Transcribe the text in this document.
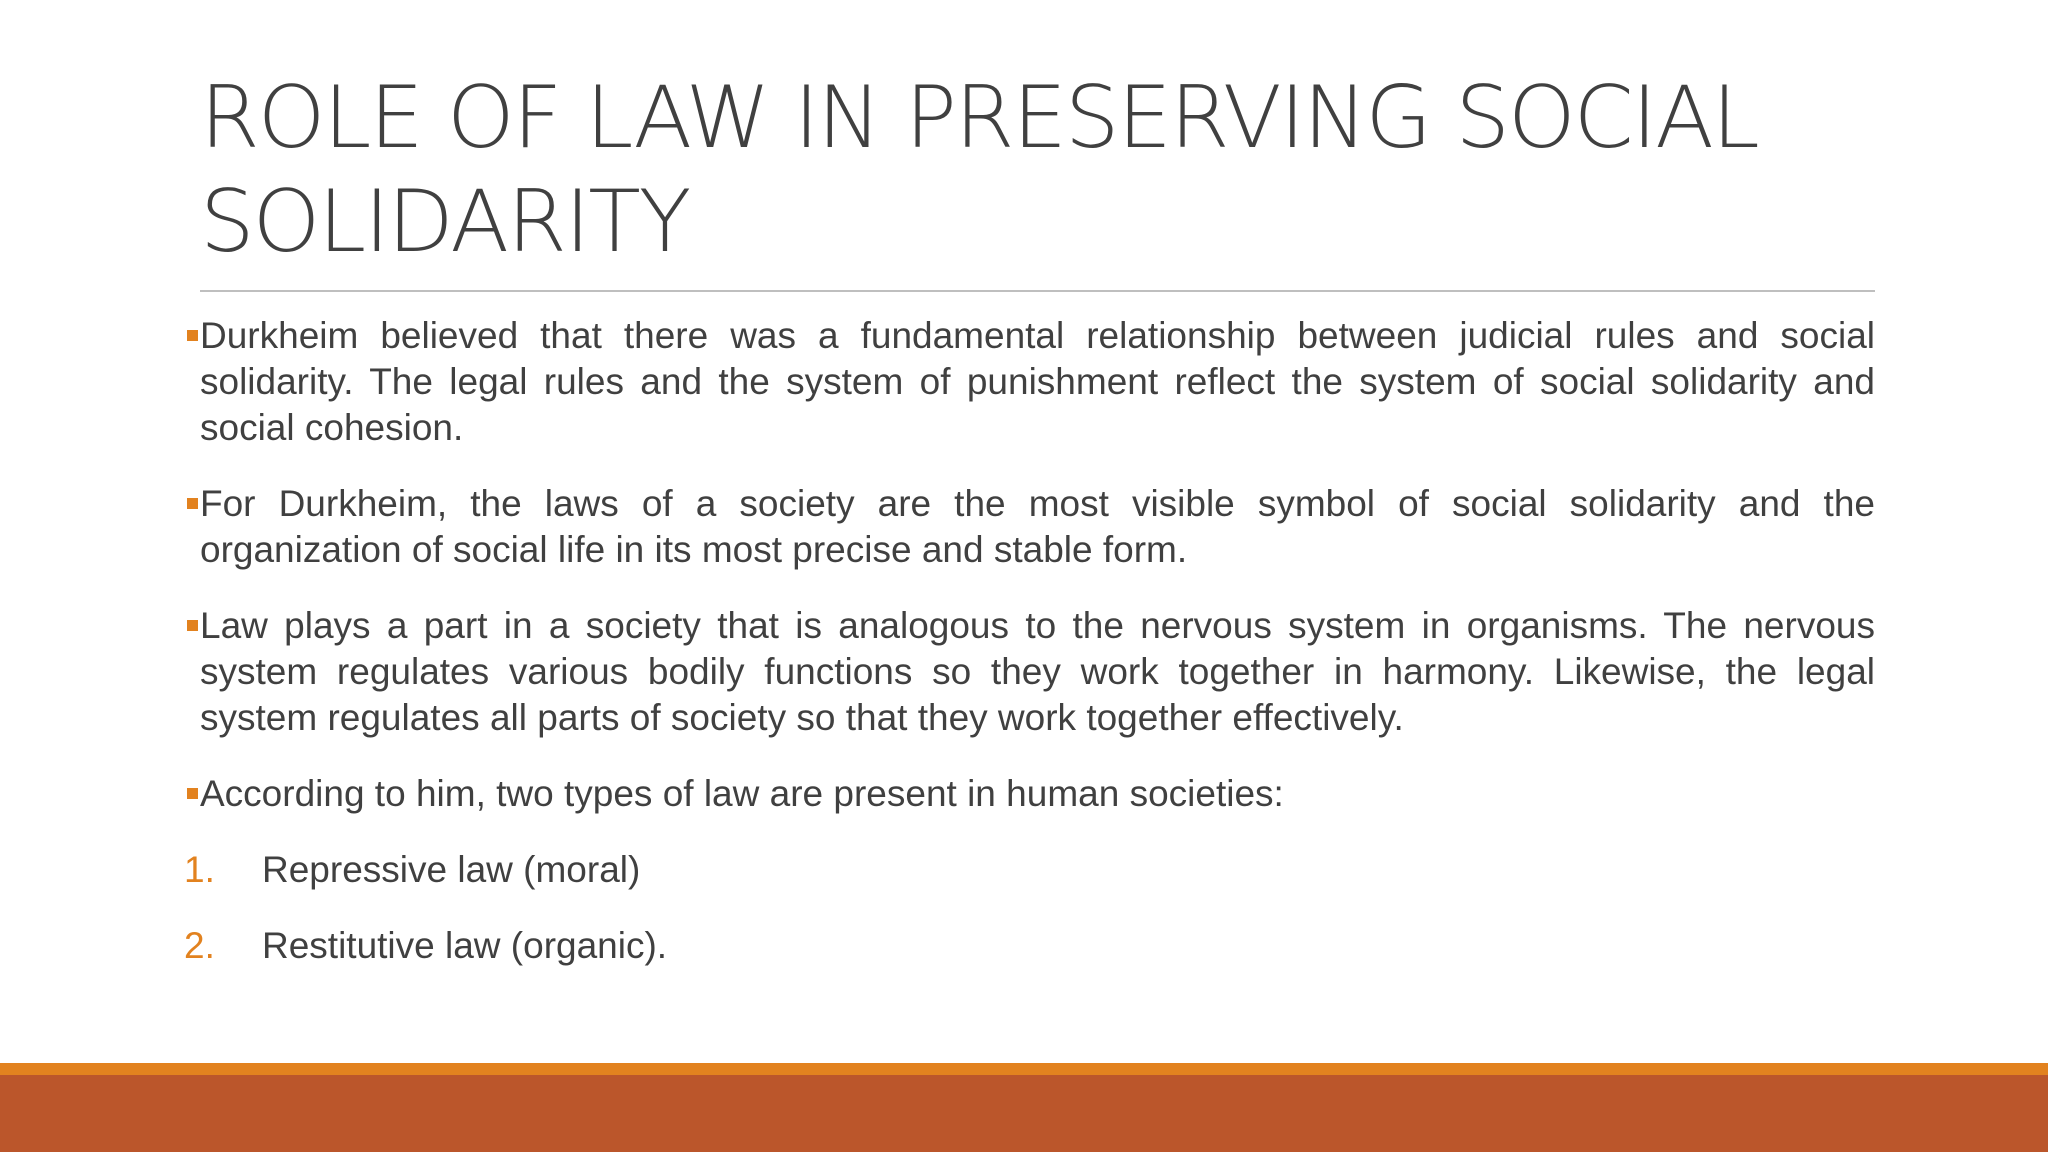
ROLE OF LAW IN PRESERVING SOCIAL SOLIDARITY
Durkheim believed that there was a fundamental relationship between judicial rules and social solidarity. The legal rules and the system of punishment reflect the system of social solidarity and social cohesion.
For Durkheim, the laws of a society are the most visible symbol of social solidarity and the organization of social life in its most precise and stable form.
Law plays a part in a society that is analogous to the nervous system in organisms. The nervous system regulates various bodily functions so they work together in harmony. Likewise, the legal system regulates all parts of society so that they work together effectively.
According to him, two types of law are present in human societies:
1. Repressive law (moral)
2. Restitutive law (organic).
